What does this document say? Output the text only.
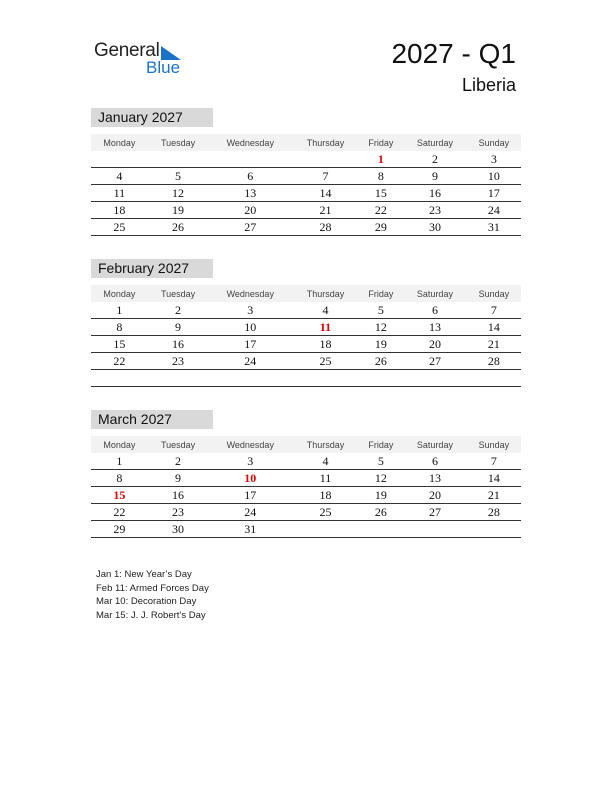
General
Blue	2027 - Q1
Liberia
January 2027
Monday	Tuesday	Wednesday	Thursday	Friday	Saturday	Sunday
				1	2	3
4	5	6	7	8	9	10
11	12	13	14	15	16	17
18	19	20	21	22	23	24
25	26	27	28	29	30	31
February 2027
Monday	Tuesday	Wednesday	Thursday	Friday	Saturday	Sunday
1	2	3	4	5	6	7
8	9	10	11	12	13	14
15	16	17	18	19	20	21
22	23	24	25	26	27	28

March 2027
Monday	Tuesday	Wednesday	Thursday	Friday	Saturday	Sunday
1	2	3	4	5	6	7
8	9	10	11	12	13	14
15	16	17	18	19	20	21
22	23	24	25	26	27	28
29	30	31				
Jan 1: New Year’s Day
Feb 11: Armed Forces Day
Mar 10: Decoration Day
Mar 15: J. J. Robert’s Day
